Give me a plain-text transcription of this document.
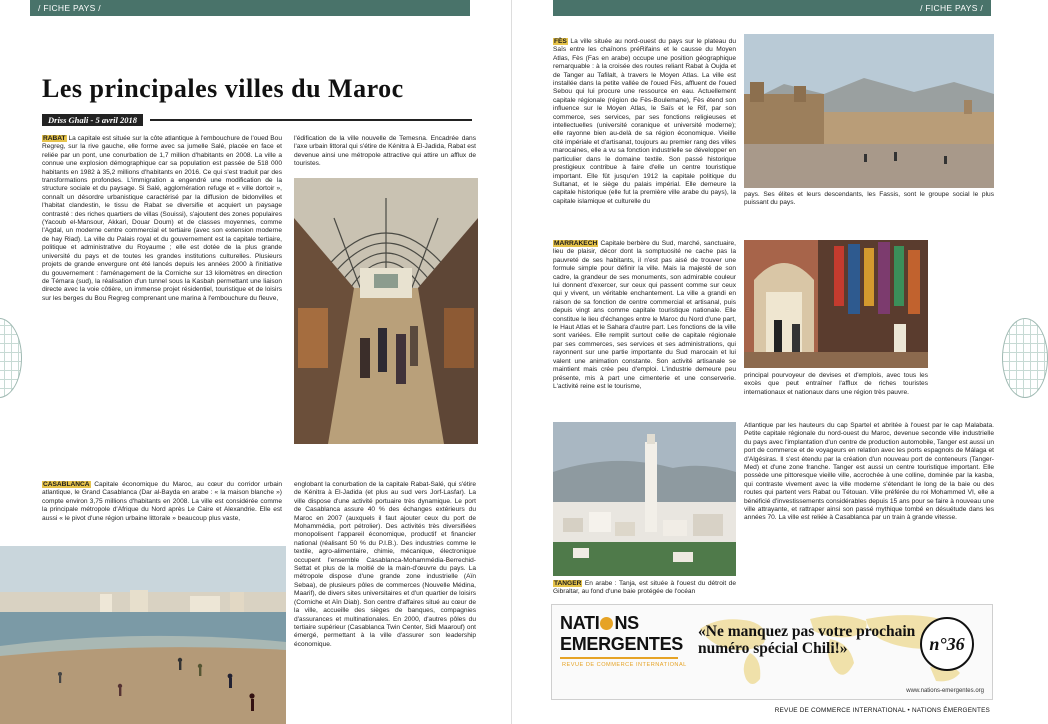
/ FICHE PAYS /
Les principales villes du Maroc
Driss Ghali - 5 avril 2018
RABAT La capitale est située sur la côte atlantique à l'embouchure de l'oued Bou Regreg, sur la rive gauche, elle forme avec sa jumelle Salé, placée en face et reliée par un pont, une conurbation de 1,7 million d'habitants en 2008. La ville a connue une explosion démographique car sa population est passée de 518 000 habitants en 1982 à 35,2 millions d'habitants en 2016. Ce qui s'est traduit par des transformations profondes. L'immigration a engendré une modification de la structure sociale et du paysage. Si Salé, agglomération refuge et « ville dortoir », connaît un désordre urbanistique caractérisé par la diffusion de bidonvilles et l'habitat clandestin, le tissu de Rabat se diversifie et acquiert un paysage contrasté : des riches quartiers de villas (Souissi), s'ajoutent des zones populaires (Yacoub el-Mansour, Akkari, Douar Doum) et de classes moyennes, comme l'Agdal, un moderne centre commercial et tertiaire (avec son extension moderne de hay Riad). La ville du Palais royal et du gouvernement est la capitale tertiaire, politique et administrative du Royaume ; elle est dotée de la plus grande université du pays et de toutes les grandes institutions culturelles. Plusieurs projets de grande envergure ont été lancés depuis les années 2000 à l'initiative du gouvernement : l'aménagement de la Corniche sur 13 kilomètres en direction de Témara (sud), la réalisation d'un tunnel sous la Kasbah permettant une liaison directe avec la voie côtière, un immense projet résidentiel, touristique et de loisirs sur les berges du Bou Regreg comprenant une marina à l'embouchure du fleuve,
l'édification de la ville nouvelle de Temesna. Encadrée dans l'axe urbain littoral qui s'étire de Kénitra à El-Jadida, Rabat est devenue ainsi une métropole attractive qui attire un afflux de touristes.
CASABLANCA Capitale économique du Maroc, au cœur du corridor urbain atlantique, le Grand Casablanca (Dar al-Bayda en arabe : « la maison blanche ») compte environ 3,75 millions d'habitants en 2008. La ville est considérée comme la principale métropole d'Afrique du Nord après Le Caire et Alexandrie. Elle est aussi « le pivot d'une région urbaine littorale » beaucoup plus vaste,
englobant la conurbation de la capitale Rabat-Salé, qui s'étire de Kénitra à El-Jadida (et plus au sud vers Jorf-Lasfar). La ville dispose d'une activité portuaire très dynamique. Le port de Casablanca assure 40 % des échanges extérieurs du Maroc en 2007 (auxquels il faut ajouter ceux du port de Mohammédia, port pétrolier). Des activités très diversifiées monopolisent l'appareil économique, productif et financier national (réalisant 50 % du P.I.B.). Des industries comme le textile, agro-alimentaire, chimie, mécanique, électronique occupent l'ensemble Casablanca-Mohammédia-Berrechid-Settat et plus de la moitié de la main-d'œuvre du pays. La métropole dispose d'une grande zone industrielle (Aïn Sebaa), de plusieurs pôles de commerces (Nouvelle Médina, Maarif), de divers sites universitaires et d'un quartier de loisirs (Corniche et Aïn Diab). Son centre d'affaires situé au cœur de la ville, accueille des sièges de banques, compagnies d'assurances et multinationales. En 2000, d'autres pôles du tertiaire supérieur (Casablanca Twin Center, Sidi Maarouf) ont émergé, permettant à la ville d'assurer son leadership économique.
/ FICHE PAYS /
FÈS La ville située au nord-ouest du pays sur le plateau du Saïs entre les chaînons préRifains et le causse du Moyen Atlas, Fès (Fas en arabe) occupe une position géographique remarquable : à la croisée des routes reliant Rabat à Oujda et de Tanger au Tafilalt, à travers le Moyen Atlas. La ville est installée dans la petite vallée de l'oued Fès, affluent de l'oued Sebou qui lui procure une ressource en eau. Actuellement capitale régionale (région de Fès-Boulemane), Fès étend son influence sur le Moyen Atlas, le Saïs et le Rif, par son commerce, ses services, par ses fonctions religieuses et intellectuelles (université coranique et université moderne); elle rayonne bien au-delà de sa région économique. Vieille cité impériale et d'artisanat, toujours au premier rang des villes marocaines, elle a vu sa fonction industrielle se développer en particulier dans le domaine textile. Son passé historique prestigieux contribue à faire d'elle un centre touristique important. Elle fût jusqu'en 1912 la capitale politique du Sultanat, et le siège du palais impérial. Elle demeure la capitale historique (elle fut la première ville arabe du pays), la capitale islamique et culturelle du
pays. Ses élites et leurs descendants, les Fassis, sont le groupe social le plus puissant du pays.
MARRAKECH Capitale berbère du Sud, marché, sanctuaire, lieu de plaisir, décor dont la somptuosité ne cache pas la pauvreté de ses habitants, il n'est pas aisé de trouver une formule simple pour définir la ville. Mais la majesté de son cadre, la grandeur de ses monuments, son admirable couleur lui donnent d'exercer, sur ceux qui passent comme sur ceux qui y vivent, un véritable enchantement. La ville a grandi en raison de sa fonction de centre commercial et artisanal, puis depuis vingt ans comme capitale touristique nationale. Elle constitue le lieu d'échanges entre le Maroc du Nord d'une part, le Haut Atlas et le Sahara d'autre part. Les fonctions de la ville sont variées. Elle remplit surtout celle de capitale régionale par ses commerces, ses services et ses administrations, qui rayonnent sur une partie importante du Sud marocain et lui valent une animation constante. Son activité artisanale se maintient mais crée peu d'emploi. L'industrie demeure peu présente, mis à part une cimenterie et une conserverie. L'activité reine est le tourisme,
principal pourvoyeur de devises et d'emplois, avec tous les excès que peut entraîner l'afflux de riches touristes internationaux et nationaux dans une région très pauvre.
TANGER En arabe : Tanja, est située à l'ouest du détroit de Gibraltar, au fond d'une baie protégée de l'océan
Atlantique par les hauteurs du cap Spartel et abritée à l'ouest par le cap Malabata. Petite capitale régionale du nord-ouest du Maroc, devenue seconde ville industrielle du pays avec l'implantation d'un centre de production automobile, Tanger est aussi un port de commerce et de voyageurs en relation avec les ports espagnols de Málaga et d'Algésiras. Il s'est étendu par la création d'un nouveau port de conteneurs (Tanger-Med) et d'une zone franche. Tanger est aussi un centre touristique important. Elle possède une pittoresque vieille ville, accrochée à une colline, dominée par la kasba, qui contraste vivement avec la ville moderne s'étendant le long de la baie ou des routes qui partent vers Rabat ou Tétouan. Ville préférée du roi Mohammed VI, elle a bénéficié d'investissements considérables depuis 15 ans pour se faire à nouveau une ville attrayante, et rattraper ainsi son passé mythique tombé en désuétude dans les années 70. La ville est reliée à Casablanca par un train à grande vitesse.
NATI NS
EMERGENTES
REVUE DE COMMERCE INTERNATIONAL
«Ne manquez pas votre prochain numéro spécial Chili!»	n°36
www.nations-emergentes.org
REVUE DE COMMERCE INTERNATIONAL • NATIONS ÉMERGENTES
